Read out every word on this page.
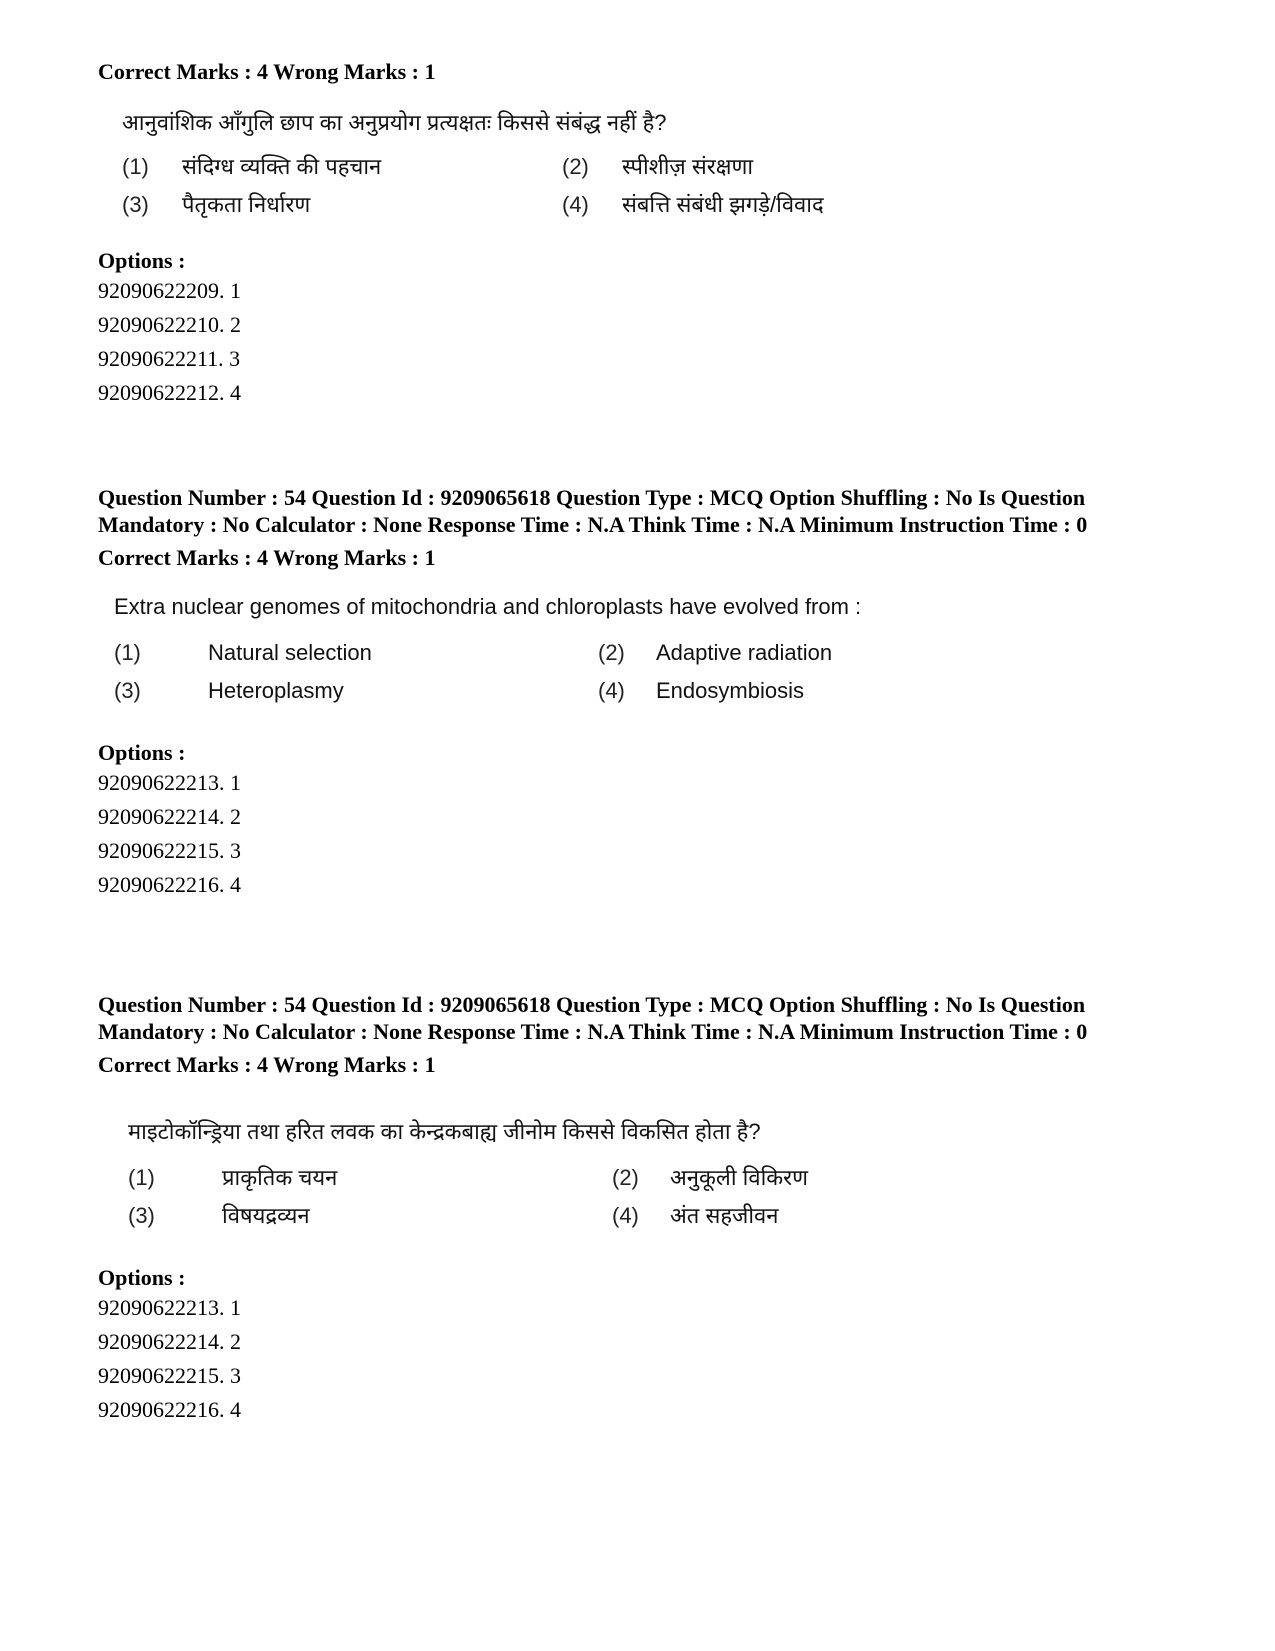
Correct Marks : 4 Wrong Marks : 1

आनुवांशिक आँगुलि छाप का अनुप्रयोग प्रत्यक्षतः किससे संबंद्ध नहीं है?

(1)	संदिग्ध व्यक्ति की पहचान	(2)	स्पीशीज़ संरक्षणा
(3)	पैतृकता निर्धारण	(4)	संबत्ति संबंधी झगड़े/विवाद

Options :

92090622209. 1
92090622210. 2
92090622211. 3
92090622212. 4

Question Number : 54 Question Id : 9209065618 Question Type : MCQ Option Shuffling : No Is Question Mandatory : No Calculator : None Response Time : N.A Think Time : N.A Minimum Instruction Time : 0

Correct Marks : 4 Wrong Marks : 1

Extra nuclear genomes of mitochondria and chloroplasts have evolved from :

(1)	Natural selection	(2)	Adaptive radiation
(3)	Heteroplasmy	(4)	Endosymbiosis

Options :

92090622213. 1
92090622214. 2
92090622215. 3
92090622216. 4

Question Number : 54 Question Id : 9209065618 Question Type : MCQ Option Shuffling : No Is Question Mandatory : No Calculator : None Response Time : N.A Think Time : N.A Minimum Instruction Time : 0

Correct Marks : 4 Wrong Marks : 1

माइटोकॉन्ड्रिया तथा हरित लवक का केन्द्रकबाह्य जीनोम किससे विकसित होता है?

(1)	प्राकृतिक चयन	(2)	अनुकूली विकिरण
(3)	विषयद्रव्यन	(4)	अंत सहजीवन

Options :

92090622213. 1
92090622214. 2
92090622215. 3
92090622216. 4
